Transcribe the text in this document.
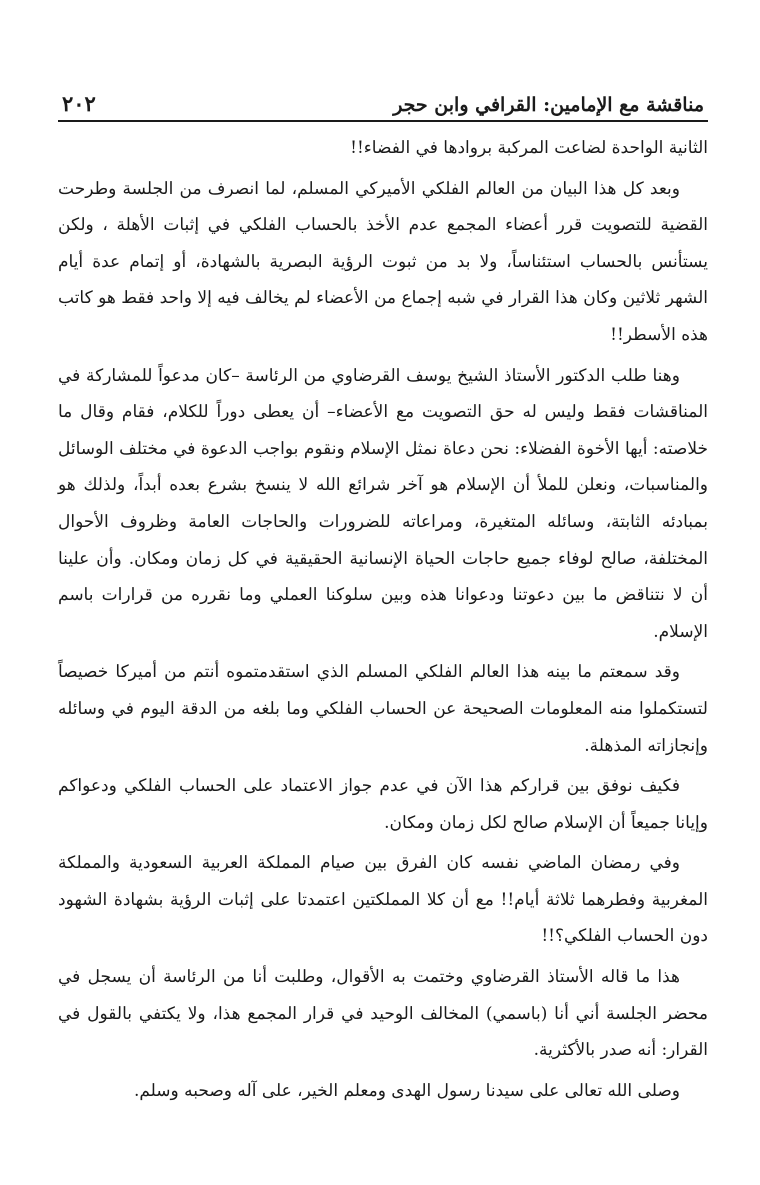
مناقشة مع الإمامين: القرافي وابن حجر
٢٠٢

الثانية الواحدة لضاعت المركبة بروادها في الفضاء!!

وبعد كل هذا البيان من العالم الفلكي الأميركي المسلم، لما انصرف من الجلسة وطرحت القضية للتصويت قرر أعضاء المجمع عدم الأخذ بالحساب الفلكي في إثبات الأهلة ، ولكن يستأنس بالحساب استئناساً، ولا بد من ثبوت الرؤية البصرية بالشهادة، أو إتمام عدة أيام الشهر ثلاثين وكان هذا القرار في شبه إجماع من الأعضاء لم يخالف فيه إلا واحد فقط هو كاتب هذه الأسطر!!

وهنا طلب الدكتور الأستاذ الشيخ يوسف القرضاوي من الرئاسة –كان مدعواً للمشاركة في المناقشات فقط وليس له حق التصويت مع الأعضاء– أن يعطى دوراً للكلام، فقام وقال ما خلاصته: أيها الأخوة الفضلاء: نحن دعاة نمثل الإسلام ونقوم بواجب الدعوة في مختلف الوسائل والمناسبات، ونعلن للملأ أن الإسلام هو آخر شرائع الله لا ينسخ بشرع بعده أبداً، ولذلك هو بمبادئه الثابتة، وسائله المتغيرة، ومراعاته للضرورات والحاجات العامة وظروف الأحوال المختلفة، صالح لوفاء جميع حاجات الحياة الإنسانية الحقيقية في كل زمان ومكان. وأن علينا أن لا نتناقض ما بين دعوتنا ودعوانا هذه وبين سلوكنا العملي وما نقرره من قرارات باسم الإسلام.

وقد سمعتم ما بينه هذا العالم الفلكي المسلم الذي استقدمتموه أنتم من أميركا خصيصاً لتستكملوا منه المعلومات الصحيحة عن الحساب الفلكي وما بلغه من الدقة اليوم في وسائله وإنجازاته المذهلة.

فكيف نوفق بين قراركم هذا الآن في عدم جواز الاعتماد على الحساب الفلكي ودعواكم وإيانا جميعاً أن الإسلام صالح لكل زمان ومكان.

وفي رمضان الماضي نفسه كان الفرق بين صيام المملكة العربية السعودية والمملكة المغربية وفطرهما ثلاثة أيام!! مع أن كلا المملكتين اعتمدتا على إثبات الرؤية بشهادة الشهود دون الحساب الفلكي؟!!

هذا ما قاله الأستاذ القرضاوي وختمت به الأقوال، وطلبت أنا من الرئاسة أن يسجل في محضر الجلسة أني أنا (باسمي) المخالف الوحيد في قرار المجمع هذا، ولا يكتفي بالقول في القرار: أنه صدر بالأكثرية.

وصلى الله تعالى على سيدنا رسول الهدى ومعلم الخير، على آله وصحبه وسلم.
